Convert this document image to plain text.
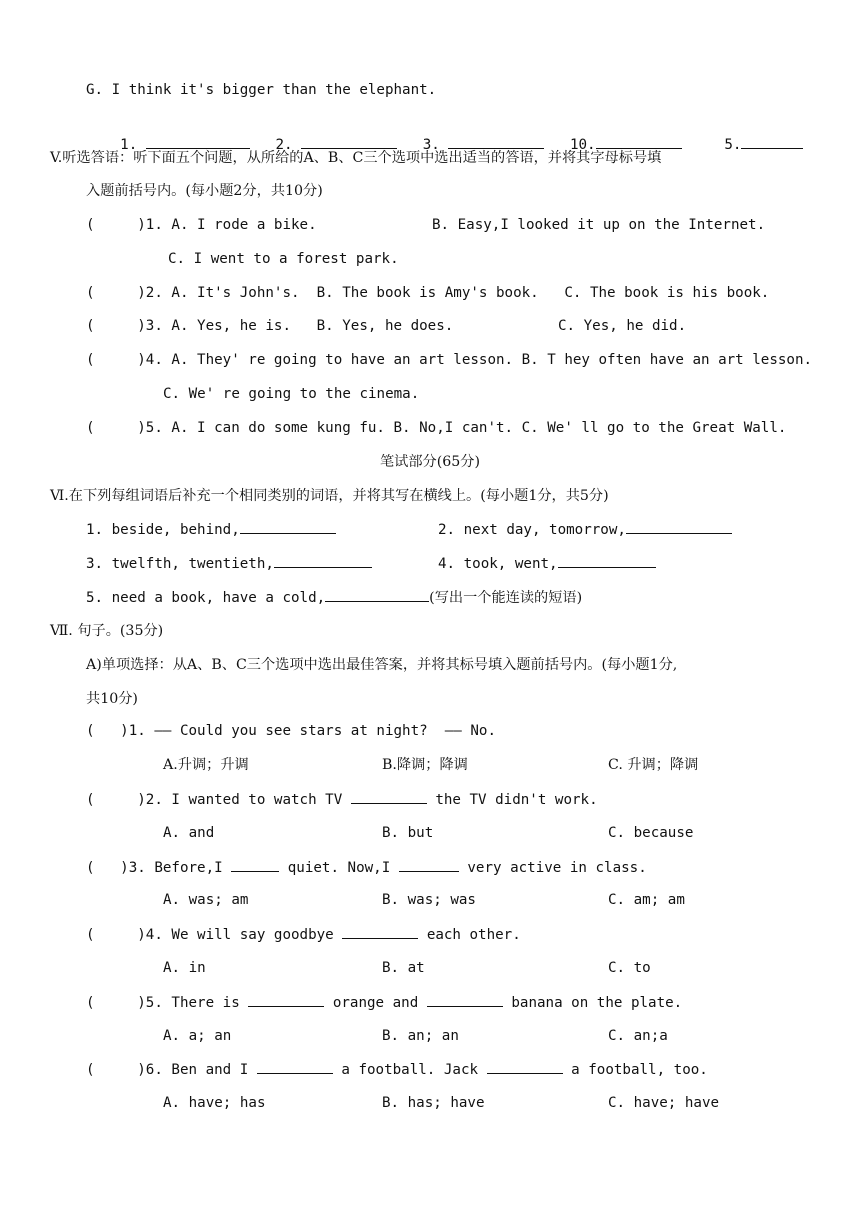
G. I think it's bigger than the elephant.

1.	2.	3.	10.	5.

V.听选答语：听下面五个问题，从所给的A、B、C三个选项中选出适当的答语，并将其字母标号填
入题前括号内。(每小题2分，共10分)
(     )1. A. I rode a bike.	B. Easy,I looked it up on the Internet.
C. I went to a forest park.
(     )2. A. It's John's.  B. The book is Amy's book.   C. The book is his book.
(     )3. A. Yes, he is.   B. Yes, he does.	C. Yes, he did.
(     )4. A. They' re going to have an art lesson. B. T hey often have an art lesson.
C. We' re going to the cinema.
(     )5. A. I can do some kung fu. B. No,I can't. C. We' ll go to the Great Wall.
笔试部分(65分)
Ⅵ.在下列每组词语后补充一个相同类别的词语，并将其写在横线上。(每小题1分，共5分)
1. beside, behind,	2. next day, tomorrow,
3. twelfth, twentieth,	4. took, went,
5. need a book, have a cold,	(写出一个能连读的短语)
Ⅶ. 句子。(35分)
A)单项选择：从A、B、C三个选项中选出最佳答案，并将其标号填入题前括号内。(每小题1分,
共10分)
(   )1. —— Could you see stars at night?  —— No.
A.升调；升调	B.降调；降调	C. 升调；降调
(     )2. I wanted to watch TV	the TV didn't work.
A. and	B. but	C. because
(   )3. Before,I	quiet. Now,I	very active in class.
A. was; am	B. was; was	C. am; am
(     )4. We will say goodbye	each other.
A. in	B. at	C. to
(     )5. There is	orange and	banana on the plate.
A. a; an	B. an; an	C. an;a
(     )6. Ben and I	a football. Jack	a football, too.
A. have; has	B. has; have	C. have; have
